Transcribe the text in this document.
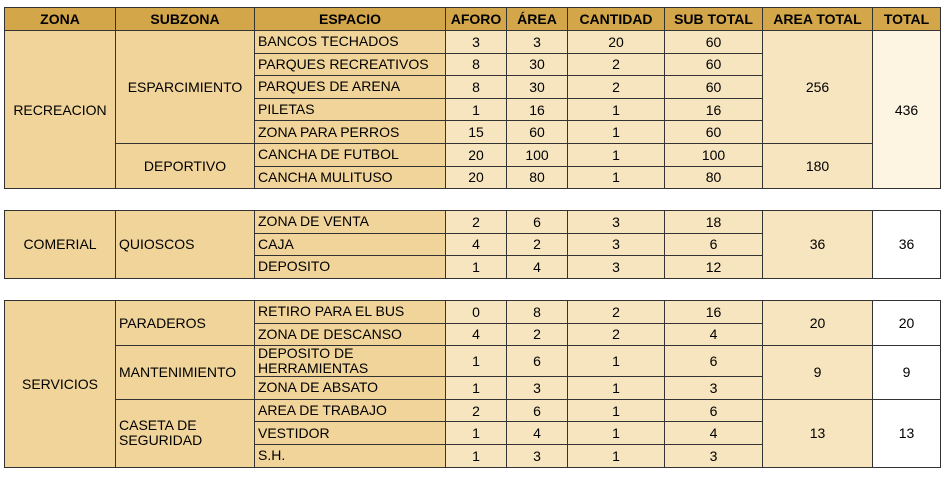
ZONA	SUBZONA	ESPACIO	AFORO	ÁREA	CANTIDAD	SUB TOTAL	AREA TOTAL	TOTAL
RECREACION	ESPARCIMIENTO	BANCOS TECHADOS	3	3	20	60	256	436
		PARQUES RECREATIVOS	8	30	2	60		
		PARQUES DE ARENA	8	30	2	60		
		PILETAS	1	16	1	16		
		ZONA PARA PERROS	15	60	1	60		
	DEPORTIVO	CANCHA DE FUTBOL	20	100	1	100	180	
		CANCHA MULITUSO	20	80	1	80		
COMERIAL	QUIOSCOS	ZONA DE VENTA	2	6	3	18	36	36
		CAJA	4	2	3	6		
		DEPOSITO	1	4	3	12		
SERVICIOS	PARADEROS	RETIRO PARA EL BUS	0	8	2	16	20	20
		ZONA DE DESCANSO	4	2	2	4		
	MANTENIMIENTO	DEPOSITO DE HERRAMIENTAS	1	6	1	6	9	9
		ZONA DE ABSATO	1	3	1	3		
	CASETA DE SEGURIDAD	AREA DE TRABAJO	2	6	1	6	13	13
		VESTIDOR	1	4	1	4		
		S.H.	1	3	1	3		
